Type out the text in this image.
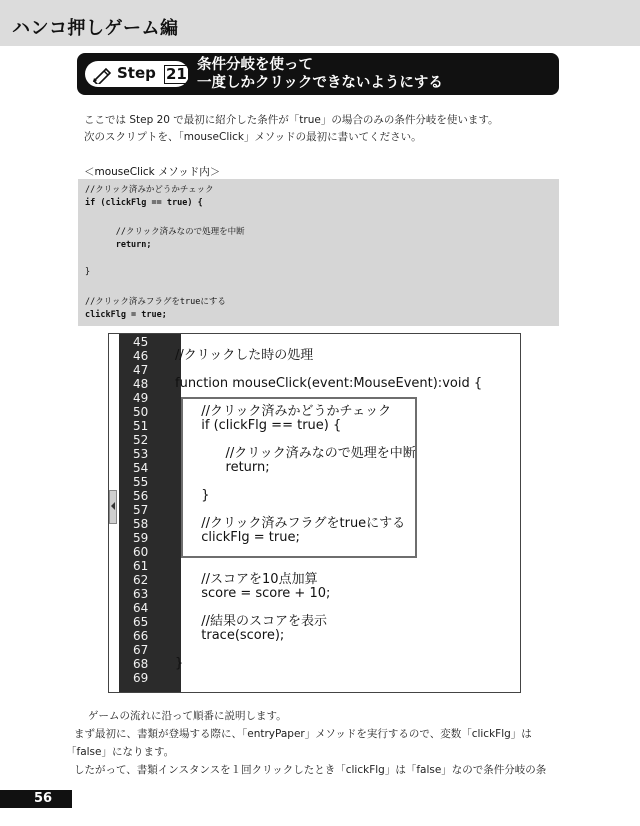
ハンコ押しゲーム編
Step 21 条件分岐を使って
一度しかクリックできないようにする

ここでは Step 20 で最初に紹介した条件が「true」の場合のみの条件分岐を使います。

次のスクリプトを、「mouseClick」メソッドの最初に書いてください。

＜mouseClick メソッド内＞
//クリック済みかどうかチェック
if (clickFlg == true) {
//クリック済みなので処理を中断
return;
}
//クリック済みフラグをtrueにする
clickFlg = true;
45
46
47
48
49
50
51
52
53
54
55
56
57
58
59
60
61
62
63
64
65
66
67
68
69
//クリックした時の処理
function mouseClick(event:MouseEvent):void {
//クリック済みかどうかチェック
if (clickFlg == true) {
//クリック済みなので処理を中断
return;
}
//クリック済みフラグをtrueにする
clickFlg = true;
//スコアを10点加算
score = score + 10;
//結果のスコアを表示
trace(score);
}

ゲームの流れに沿って順番に説明します。

まず最初に、書類が登場する際に、「entryPaper」メソッドを実行するので、変数「clickFlg」は

「false」になります。

したがって、書類インスタンスを１回クリックしたとき「clickFlg」は「false」なので条件分岐の条

56
